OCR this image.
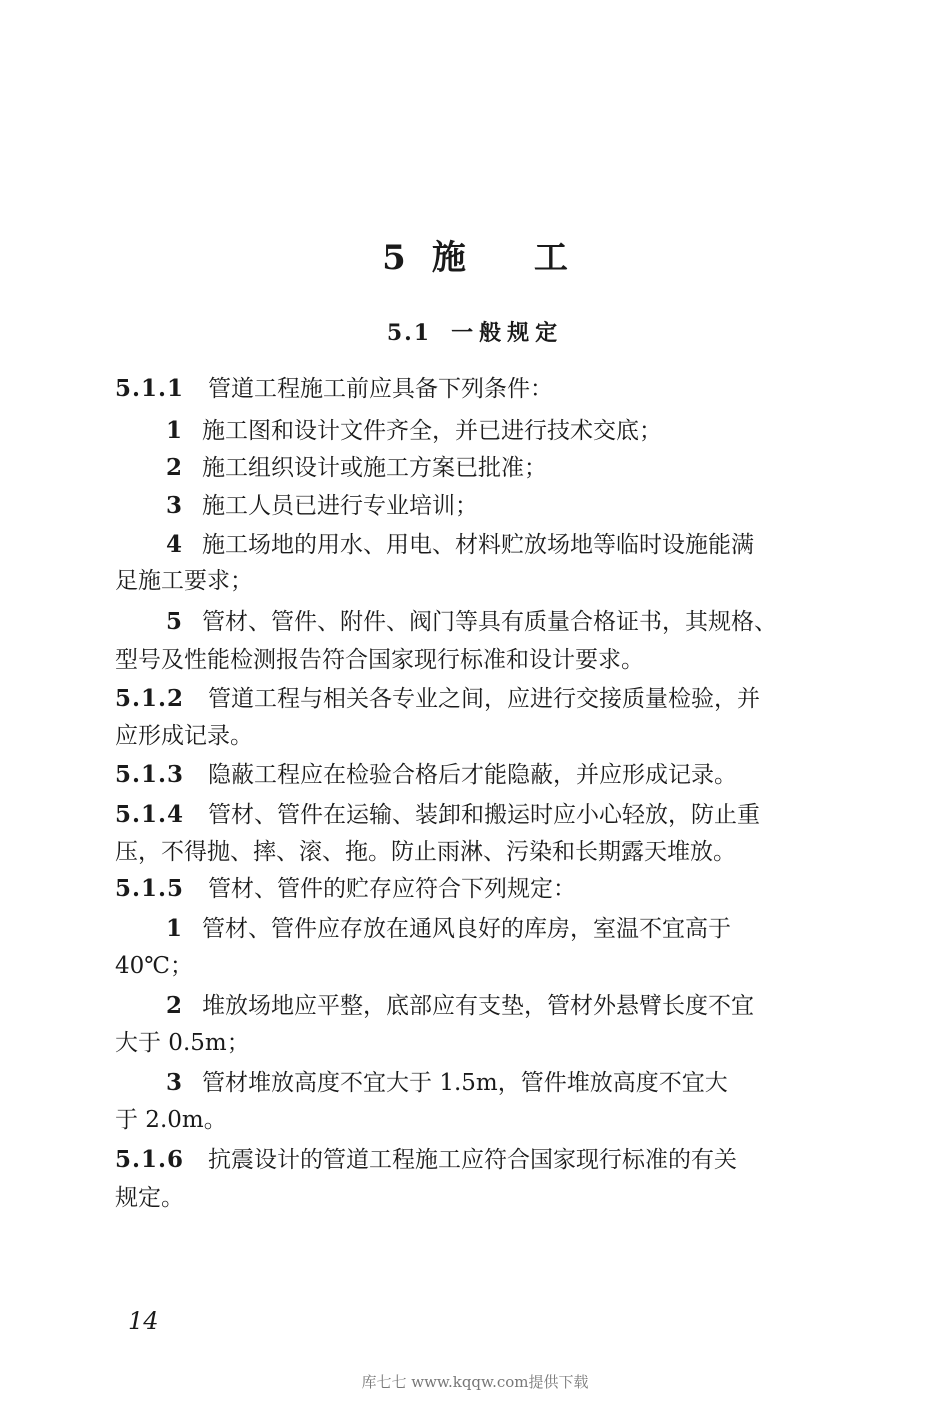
5 施 工
5.1 一般规定
5.1.1 管道工程施工前应具备下列条件：
1 施工图和设计文件齐全，并已进行技术交底；
2 施工组织设计或施工方案已批准；
3 施工人员已进行专业培训；
4 施工场地的用水、用电、材料贮放场地等临时设施能满
足施工要求；
5 管材、管件、附件、阀门等具有质量合格证书，其规格、
型号及性能检测报告符合国家现行标准和设计要求。
5.1.2 管道工程与相关各专业之间，应进行交接质量检验，并
应形成记录。
5.1.3 隐蔽工程应在检验合格后才能隐蔽，并应形成记录。
5.1.4 管材、管件在运输、装卸和搬运时应小心轻放，防止重
压，不得抛、摔、滚、拖。防止雨淋、污染和长期露天堆放。
5.1.5 管材、管件的贮存应符合下列规定：
1 管材、管件应存放在通风良好的库房，室温不宜高于
40℃；
2 堆放场地应平整，底部应有支垫，管材外悬臂长度不宜
大于 0.5m；
3 管材堆放高度不宜大于 1.5m，管件堆放高度不宜大
于 2.0m。
5.1.6 抗震设计的管道工程施工应符合国家现行标准的有关
规定。
14
库七七 www.kqqw.com提供下载
